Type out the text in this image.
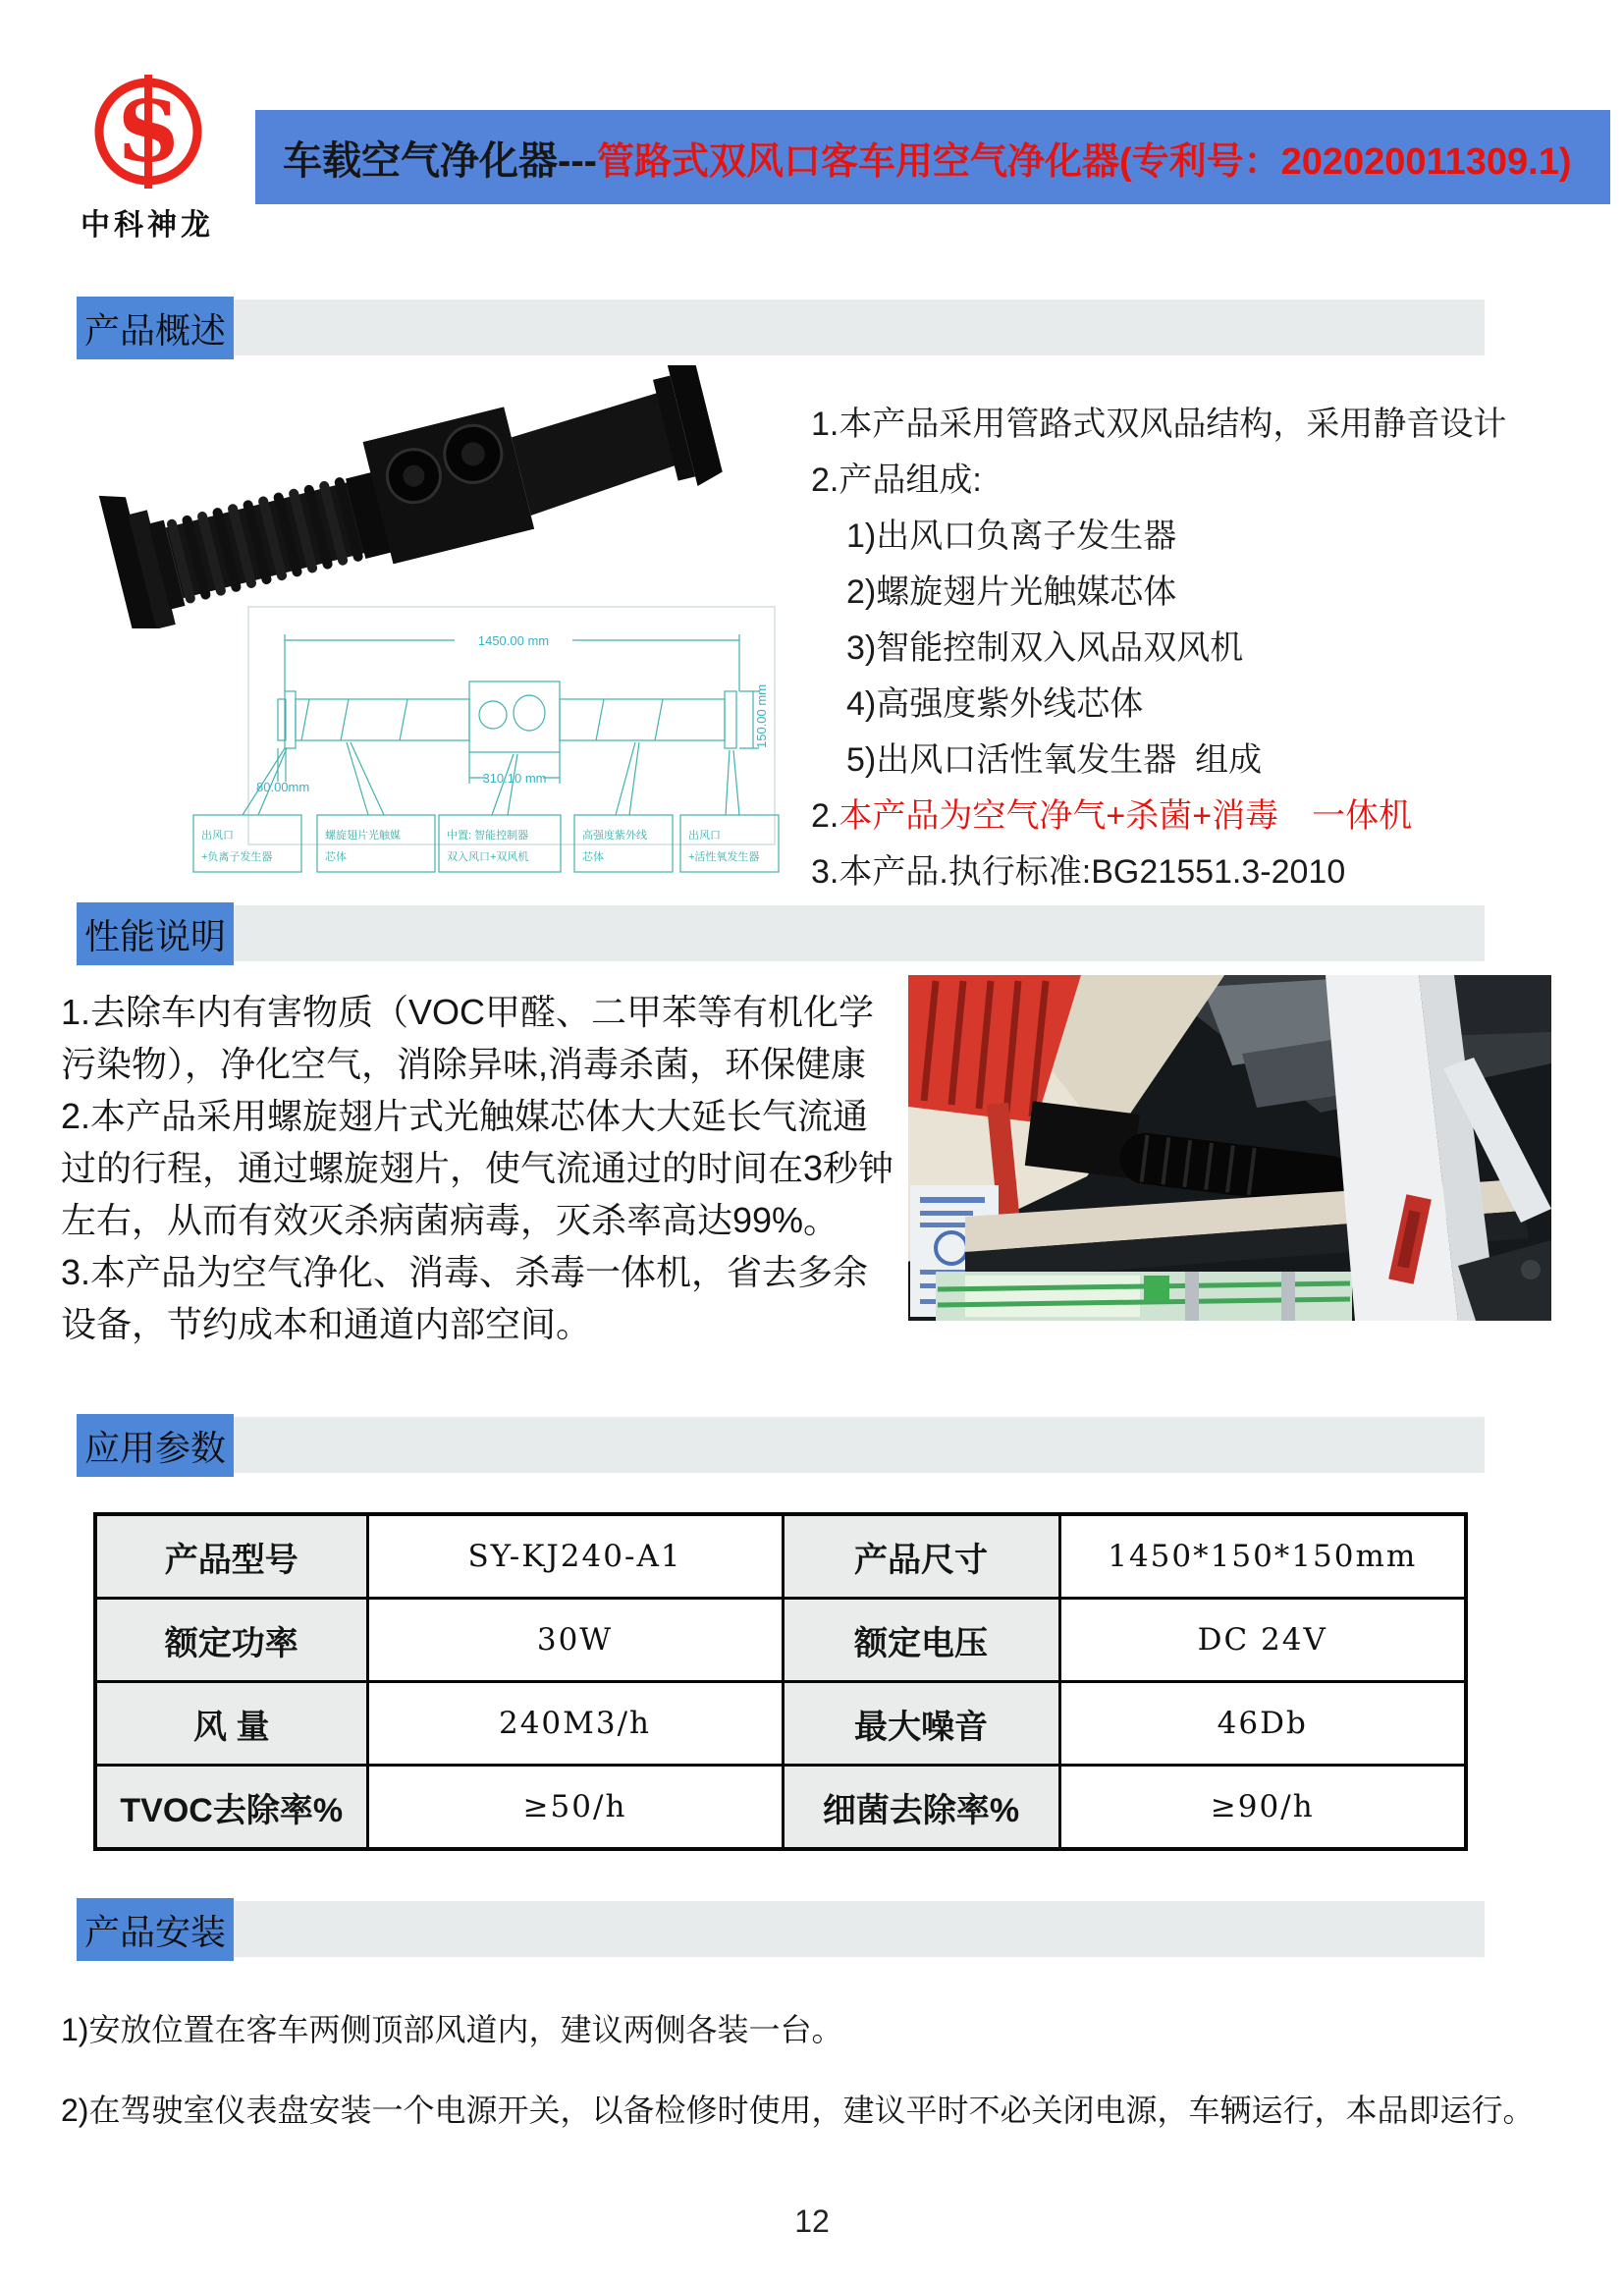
S
中科神龙
车载空气净化器--- 管路式双风口客车用空气净化器(专利号：202020011309.1)
产品概述
1450.00 mm
310.10 mm
80.00mm
150.00 mm
出风口
+负离子发生器
螺旋翅片光触媒
芯体
中置: 智能控制器
双入风口+双风机
高强度紫外线
芯体
出风口
+活性氧发生器
1.本产品采用管路式双风品结构，采用静音设计
2.产品组成:
1)出风口负离子发生器
2)螺旋翅片光触媒芯体
3)智能控制双入风品双风机
4)高强度紫外线芯体
5)出风口活性氧发生器  组成
2.本产品为空气净气+杀菌+消毒　一体机
3.本产品.执行标准:BG21551.3-2010
性能说明

1.去除车内有害物质（VOC甲醛、二甲苯等有机化学污染物），净化空气，消除异味,消毒杀菌，环保健康

2.本产品采用螺旋翅片式光触媒芯体大大延长气流通过的行程，通过螺旋翅片，使气流通过的时间在3秒钟左右，从而有效灭杀病菌病毒，灭杀率高达99%。

3.本产品为空气净化、消毒、杀毒一体机，省去多余设备，节约成本和通道内部空间。

应用参数
产品型号	SY-KJ240-A1	产品尺寸	1450*150*150mm
额定功率	30W	额定电压	DC 24V
风 量	240M3/h	最大噪音	46Db
TVOC去除率%	≥50/h	细菌去除率%	≥90/h
产品安装
1)安放位置在客车两侧顶部风道内，建议两侧各装一台。
2)在驾驶室仪表盘安装一个电源开关，以备检修时使用，建议平时不必关闭电源，车辆运行，本品即运行。
12
